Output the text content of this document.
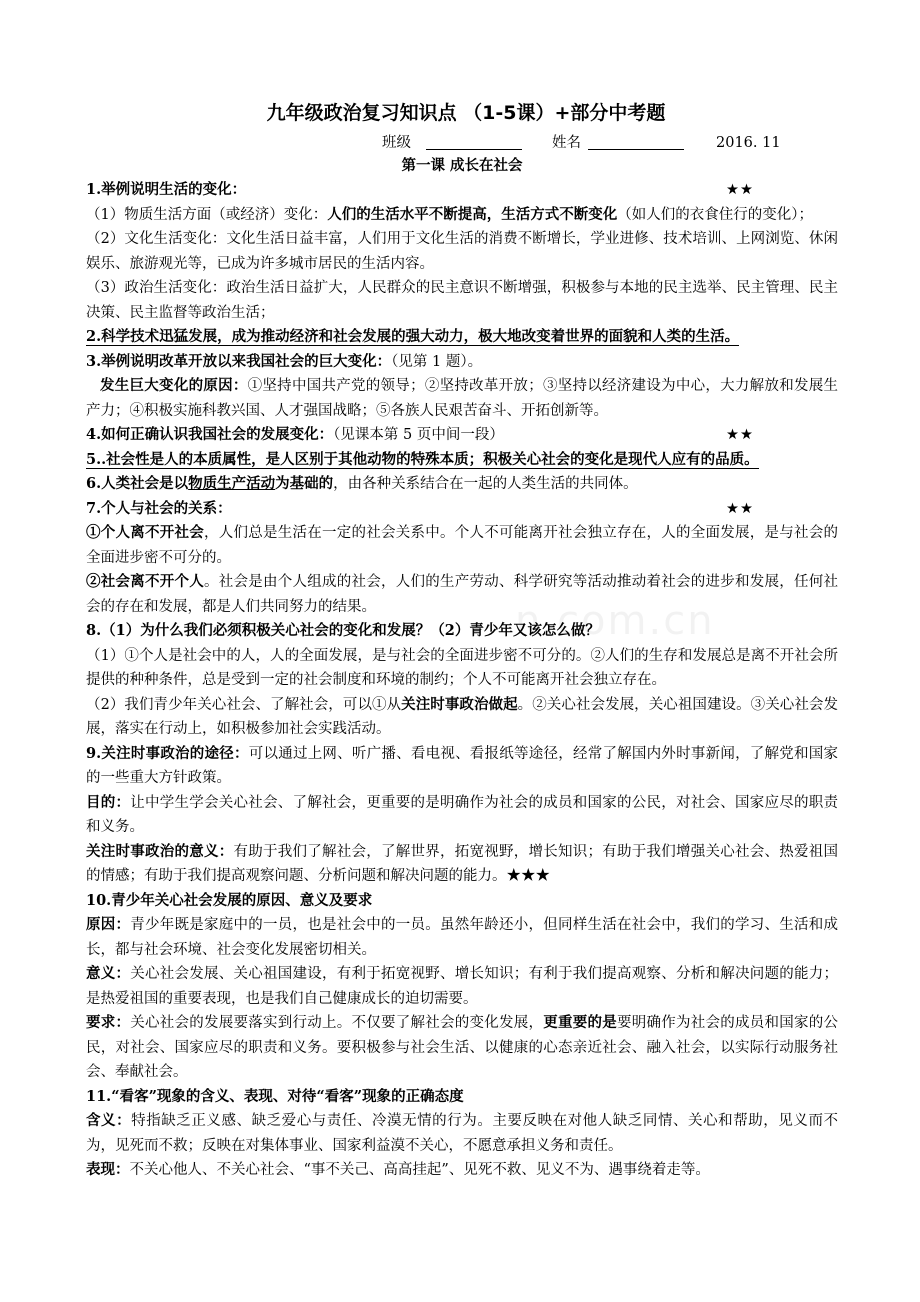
n.com.cn
九年级政治复习知识点 （1-5课）+部分中考题
班级	姓名	2016. 11
第一课 成长在社会

1.举例说明生活的变化：	★★

（1）物质生活方面（或经济）变化：人们的生活水平不断提高，生活方式不断变化（如人们的衣食住行的变化）；

（2）文化生活变化：文化生活日益丰富，人们用于文化生活的消费不断增长，学业进修、技术培训、上网浏览、休闲娱乐、旅游观光等，已成为许多城市居民的生活内容。

（3）政治生活变化：政治生活日益扩大，人民群众的民主意识不断增强，积极参与本地的民主选举、民主管理、民主决策、民主监督等政治生活；

2.科学技术迅猛发展，成为推动经济和社会发展的强大动力，极大地改变着世界的面貌和人类的生活。

3.举例说明改革开放以来我国社会的巨大变化：（见第 1 题）。

发生巨大变化的原因：①坚持中国共产党的领导；②坚持改革开放；③坚持以经济建设为中心，大力解放和发展生产力；④积极实施科教兴国、人才强国战略；⑤各族人民艰苦奋斗、开拓创新等。

4.如何正确认识我国社会的发展变化：（见课本第 5 页中间一段）	★★

5..社会性是人的本质属性，是人区别于其他动物的特殊本质；积极关心社会的变化是现代人应有的品质。

6.人类社会是以物质生产活动为基础的，由各种关系结合在一起的人类生活的共同体。

7.个人与社会的关系：	★★

①个人离不开社会，人们总是生活在一定的社会关系中。个人不可能离开社会独立存在，人的全面发展，是与社会的全面进步密不可分的。

②社会离不开个人。社会是由个人组成的社会，人们的生产劳动、科学研究等活动推动着社会的进步和发展，任何社会的存在和发展，都是人们共同努力的结果。

8.（1）为什么我们必须积极关心社会的变化和发展？（2）青少年又该怎么做？

（1）①个人是社会中的人，人的全面发展，是与社会的全面进步密不可分的。②人们的生存和发展总是离不开社会所提供的种种条件，总是受到一定的社会制度和环境的制约；个人不可能离开社会独立存在。

（2）我们青少年关心社会、了解社会，可以①从关注时事政治做起。②关心社会发展，关心祖国建设。③关心社会发展，落实在行动上，如积极参加社会实践活动。

9.关注时事政治的途径：可以通过上网、听广播、看电视、看报纸等途径，经常了解国内外时事新闻，了解党和国家的一些重大方针政策。

目的：让中学生学会关心社会、了解社会，更重要的是明确作为社会的成员和国家的公民，对社会、国家应尽的职责和义务。

关注时事政治的意义：有助于我们了解社会，了解世界，拓宽视野，增长知识；有助于我们增强关心社会、热爱祖国的情感；有助于我们提高观察问题、分析问题和解决问题的能力。★★★

10.青少年关心社会发展的原因、意义及要求

原因：青少年既是家庭中的一员，也是社会中的一员。虽然年龄还小，但同样生活在社会中，我们的学习、生活和成长，都与社会环境、社会变化发展密切相关。

意义：关心社会发展、关心祖国建设，有利于拓宽视野、增长知识；有利于我们提高观察、分析和解决问题的能力；是热爱祖国的重要表现，也是我们自己健康成长的迫切需要。

要求：关心社会的发展要落实到行动上。不仅要了解社会的变化发展，更重要的是要明确作为社会的成员和国家的公民，对社会、国家应尽的职责和义务。要积极参与社会生活、以健康的心态亲近社会、融入社会，以实际行动服务社会、奉献社会。

11.“看客”现象的含义、表现、对待“看客”现象的正确态度

含义：特指缺乏正义感、缺乏爱心与责任、冷漠无情的行为。主要反映在对他人缺乏同情、关心和帮助，见义而不为，见死而不救；反映在对集体事业、国家利益漠不关心，不愿意承担义务和责任。

表现：不关心他人、不关心社会、“事不关己、高高挂起”、见死不救、见义不为、遇事绕着走等。
